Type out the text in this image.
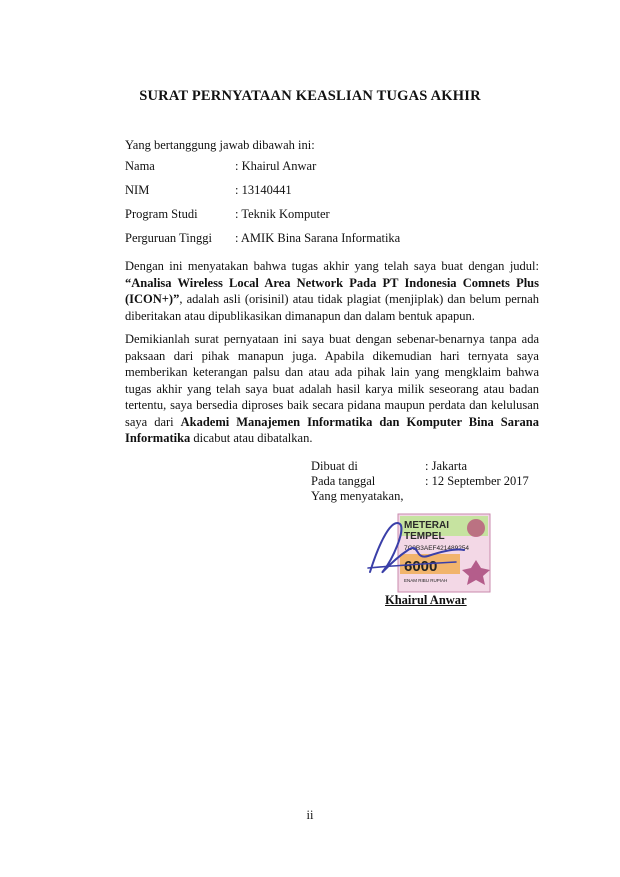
SURAT PERNYATAAN KEASLIAN TUGAS AKHIR
Yang bertanggung jawab dibawah ini:
Nama	: Khairul Anwar
NIM	: 13140441
Program Studi	: Teknik Komputer
Perguruan Tinggi	: AMIK Bina Sarana Informatika
Dengan ini menyatakan bahwa tugas akhir yang telah saya buat dengan judul: “Analisa Wireless Local Area Network Pada PT Indonesia Comnets Plus (ICON+)”, adalah asli (orisinil) atau tidak plagiat (menjiplak) dan belum pernah diberitakan atau dipublikasikan dimanapun dan dalam bentuk apapun.
Demikianlah surat pernyataan ini saya buat dengan sebenar-benarnya tanpa ada paksaan dari pihak manapun juga. Apabila dikemudian hari ternyata saya memberikan keterangan palsu dan atau ada pihak lain yang mengklaim bahwa tugas akhir yang telah saya buat adalah hasil karya milik seseorang atau badan tertentu, saya bersedia diproses baik secara pidana maupun perdata dan kelulusan saya dari Akademi Manajemen Informatika dan Komputer Bina Sarana Informatika dicabut atau dibatalkan.
Dibuat di	: Jakarta
Pada tanggal	: 12 September 2017
Yang menyatakan,
METERAI
TEMPEL
7C0B3AEF421489254
6000
ENAM RIBU RUPIAH
Khairul Anwar
ii
